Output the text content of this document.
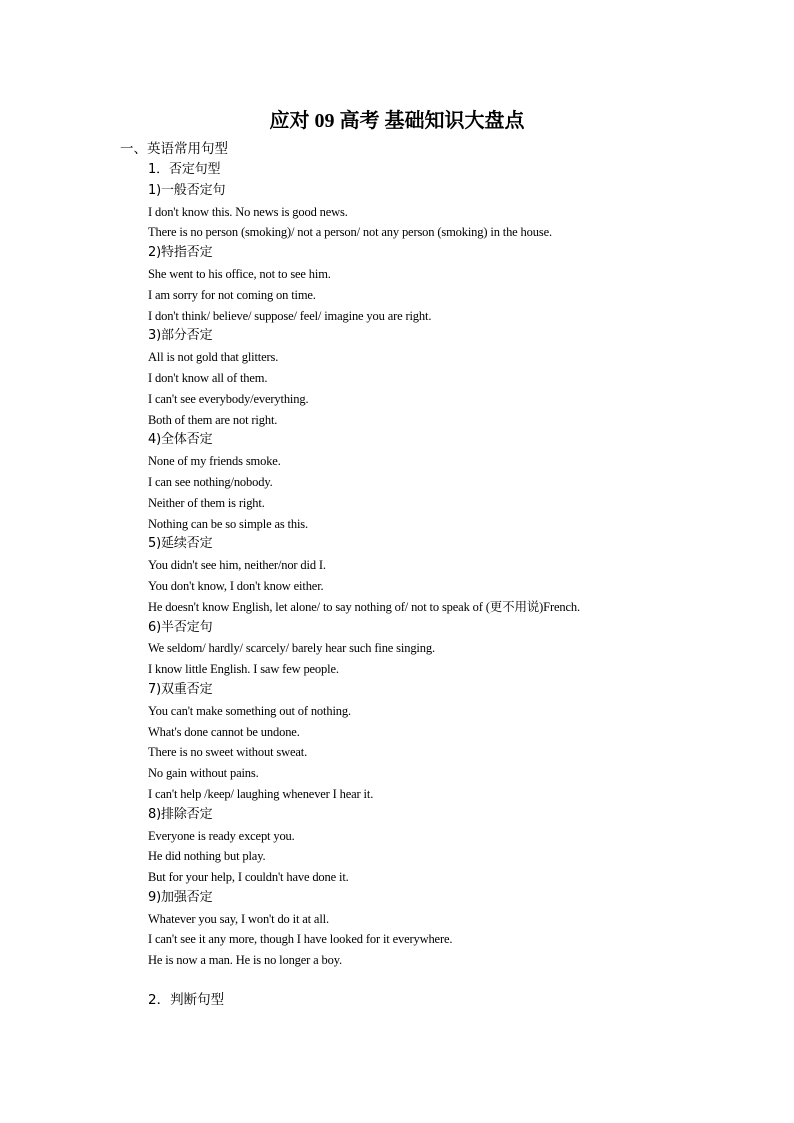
应对 09 高考 基础知识大盘点

一、英语常用句型

1．否定句型
1)一般否定句
I don't know this. No news is good news.
There is no person (smoking)/ not a person/ not any person (smoking) in the house.
2)特指否定
She went to his office, not to see him.
I am sorry for not coming on time.
I don't think/ believe/ suppose/ feel/ imagine you are right.
3)部分否定
All is not gold that glitters.
I don't know all of them.
I can't see everybody/everything.
Both of them are not right.
4)全体否定
None of my friends smoke.
I can see nothing/nobody.
Neither of them is right.
Nothing can be so simple as this.
5)延续否定
You didn't see him, neither/nor did I.
You don't know, I don't know either.
He doesn't know English, let alone/ to say nothing of/ not to speak of (更不用说)French.
6)半否定句
We seldom/ hardly/ scarcely/ barely hear such fine singing.
I know little English. I saw few people.
7)双重否定
You can't make something out of nothing.
What's done cannot be undone.
There is no sweet without sweat.
No gain without pains.
I can't help /keep/ laughing whenever I hear it.
8)排除否定
Everyone is ready except you.
He did nothing but play.
But for your help, I couldn't have done it.
9)加强否定
Whatever you say, I won't do it at all.
I can't see it any more, though I have looked for it everywhere.
He is now a man. He is no longer a boy.

2．判断句型
